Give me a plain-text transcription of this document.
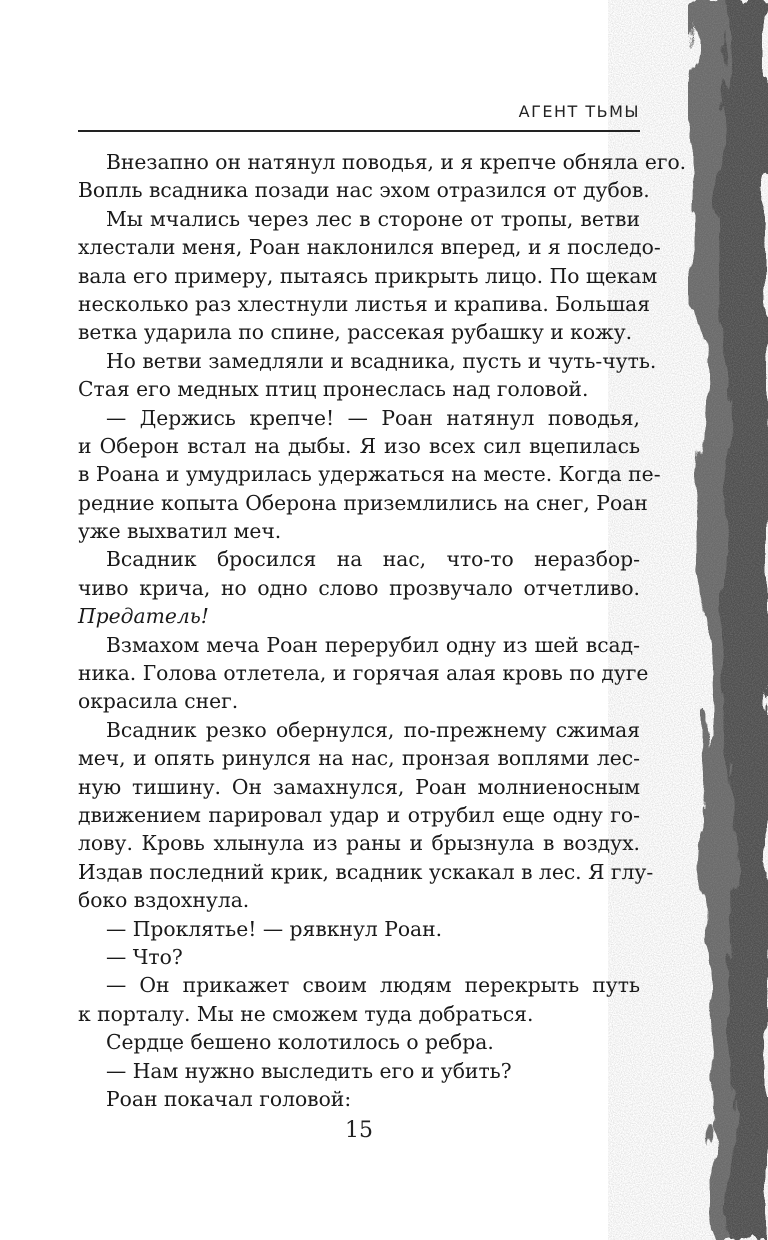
АГЕНТ ТЬМЫ
Внезапно он натянул поводья, и я крепче обняла его.
Вопль всадника позади нас эхом отразился от дубов.
Мы мчались через лес в стороне от тропы, ветви
хлестали меня, Роан наклонился вперед, и я последо-
вала его примеру, пытаясь прикрыть лицо. По щекам
несколько раз хлестнули листья и крапива. Большая
ветка ударила по спине, рассекая рубашку и кожу.
Но ветви замедляли и всадника, пусть и чуть-чуть.
Стая его медных птиц пронеслась над головой.
— Держись крепче! — Роан натянул поводья,
и Оберон встал на дыбы. Я изо всех сил вцепилась
в Роана и умудрилась удержаться на месте. Когда пе-
редние копыта Оберона приземлились на снег, Роан
уже выхватил меч.
Всадник бросился на нас, что-то неразбор-
чиво крича, но одно слово прозвучало отчетливо.
Предатель!
Взмахом меча Роан перерубил одну из шей всад-
ника. Голова отлетела, и горячая алая кровь по дуге
окрасила снег.
Всадник резко обернулся, по-прежнему сжимая
меч, и опять ринулся на нас, пронзая воплями лес-
ную тишину. Он замахнулся, Роан молниеносным
движением парировал удар и отрубил еще одну го-
лову. Кровь хлынула из раны и брызнула в воздух.
Издав последний крик, всадник ускакал в лес. Я глу-
боко вздохнула.
— Проклятье! — рявкнул Роан.
— Что?
— Он прикажет своим людям перекрыть путь
к порталу. Мы не сможем туда добраться.
Сердце бешено колотилось о ребра.
— Нам нужно выследить его и убить?
Роан покачал головой:
15
